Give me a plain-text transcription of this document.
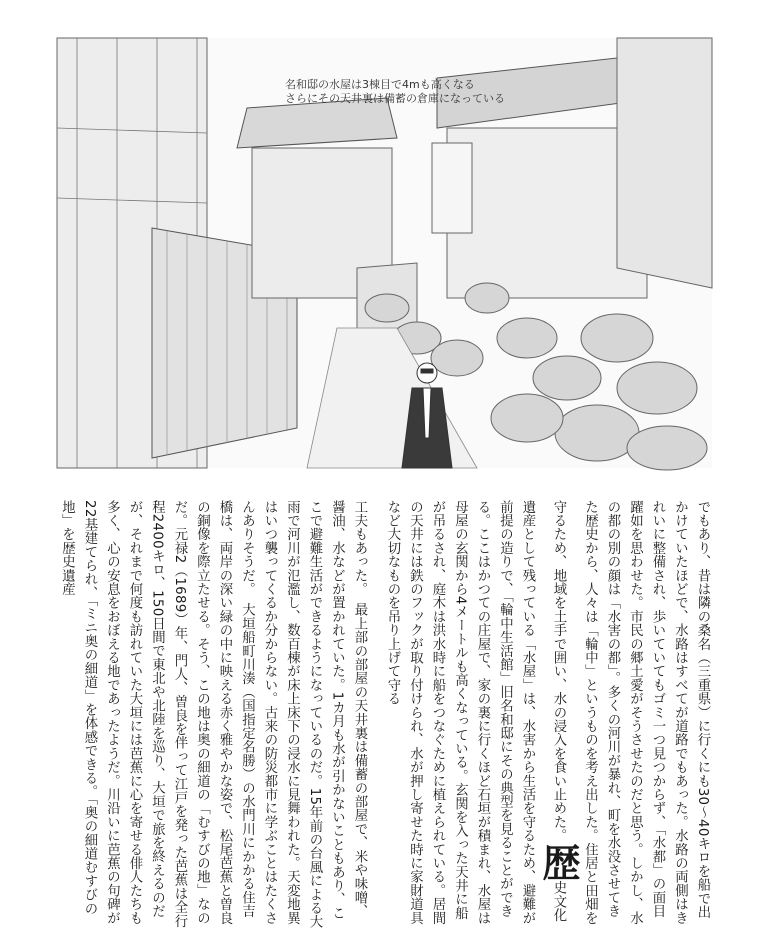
名和邸の水屋は3棟目で4mも高くなる
さらにその天井裏は備蓄の倉庫になっている
でもあり、昔は隣の桑名（三重県）に行くにも30〜40キロを船で出かけていたほどで、水路はすべてが道路でもあった。水路の両側はきれいに整備され、歩いていてもゴミ一つ見つからず、「水都」の面目躍如を思わせた。市民の郷土愛がそうさせたのだと思う。しかし、水の都の別の顔は「水害の都」。多くの河川が暴れ、町を水没させてきた歴史から、人々は「輪中」というものを考え出した。住居と田畑を守るため、地域を土手で囲い、水の浸入を食い止めた。歴史文化遺産として残っている「水屋」は、水害から生活を守るため、避難が前提の造りで、「輪中生活館」旧名和邸にその典型を見ることができる。ここはかつての庄屋で、家の裏に行くほど石垣が積まれ、水屋は母屋の玄関から4メートルも高くなっている。玄関を入った天井に船が吊るされ、庭木は洪水時に船をつなぐために植えられている。居間の天井には鉄のフックが取り付けられ、水が押し寄せた時に家財道具など大切なものを吊り上げて守る
工夫もあった。　最上部の部屋の天井裏は備蓄の部屋で、米や味噌、醤油、水などが置かれていた。1カ月も水が引かないこともあり、ここで避難生活ができるようになっているのだ。15年前の台風による大雨で河川が氾濫し、数百棟が床上床下の浸水に見舞われた。天変地異はいつ襲ってくるか分からない。古来の防災都市に学ぶことはたくさんありそうだ。　大垣船町川湊（国指定名勝）の水門川にかかる住吉橋は、両岸の深い緑の中に映える赤く雅やかな姿で、松尾芭蕉と曽良の銅像を際立たせる。そう、この地は奥の細道の「むすびの地」なのだ。元禄2（1689）年、門人、曽良を伴って江戸を発った芭蕉は全行程2400キロ、150日間で東北や北陸を巡り、大垣で旅を終えるのだが、それまで何度も訪れていた大垣には芭蕉に心を寄せる俳人たちも多く、心の安息をおぼえる地であったようだ。川沿いに芭蕉の句碑が22基建てられ、「ミニ奥の細道」を体感できる。「奥の細道むすびの地」を歴史遺産
